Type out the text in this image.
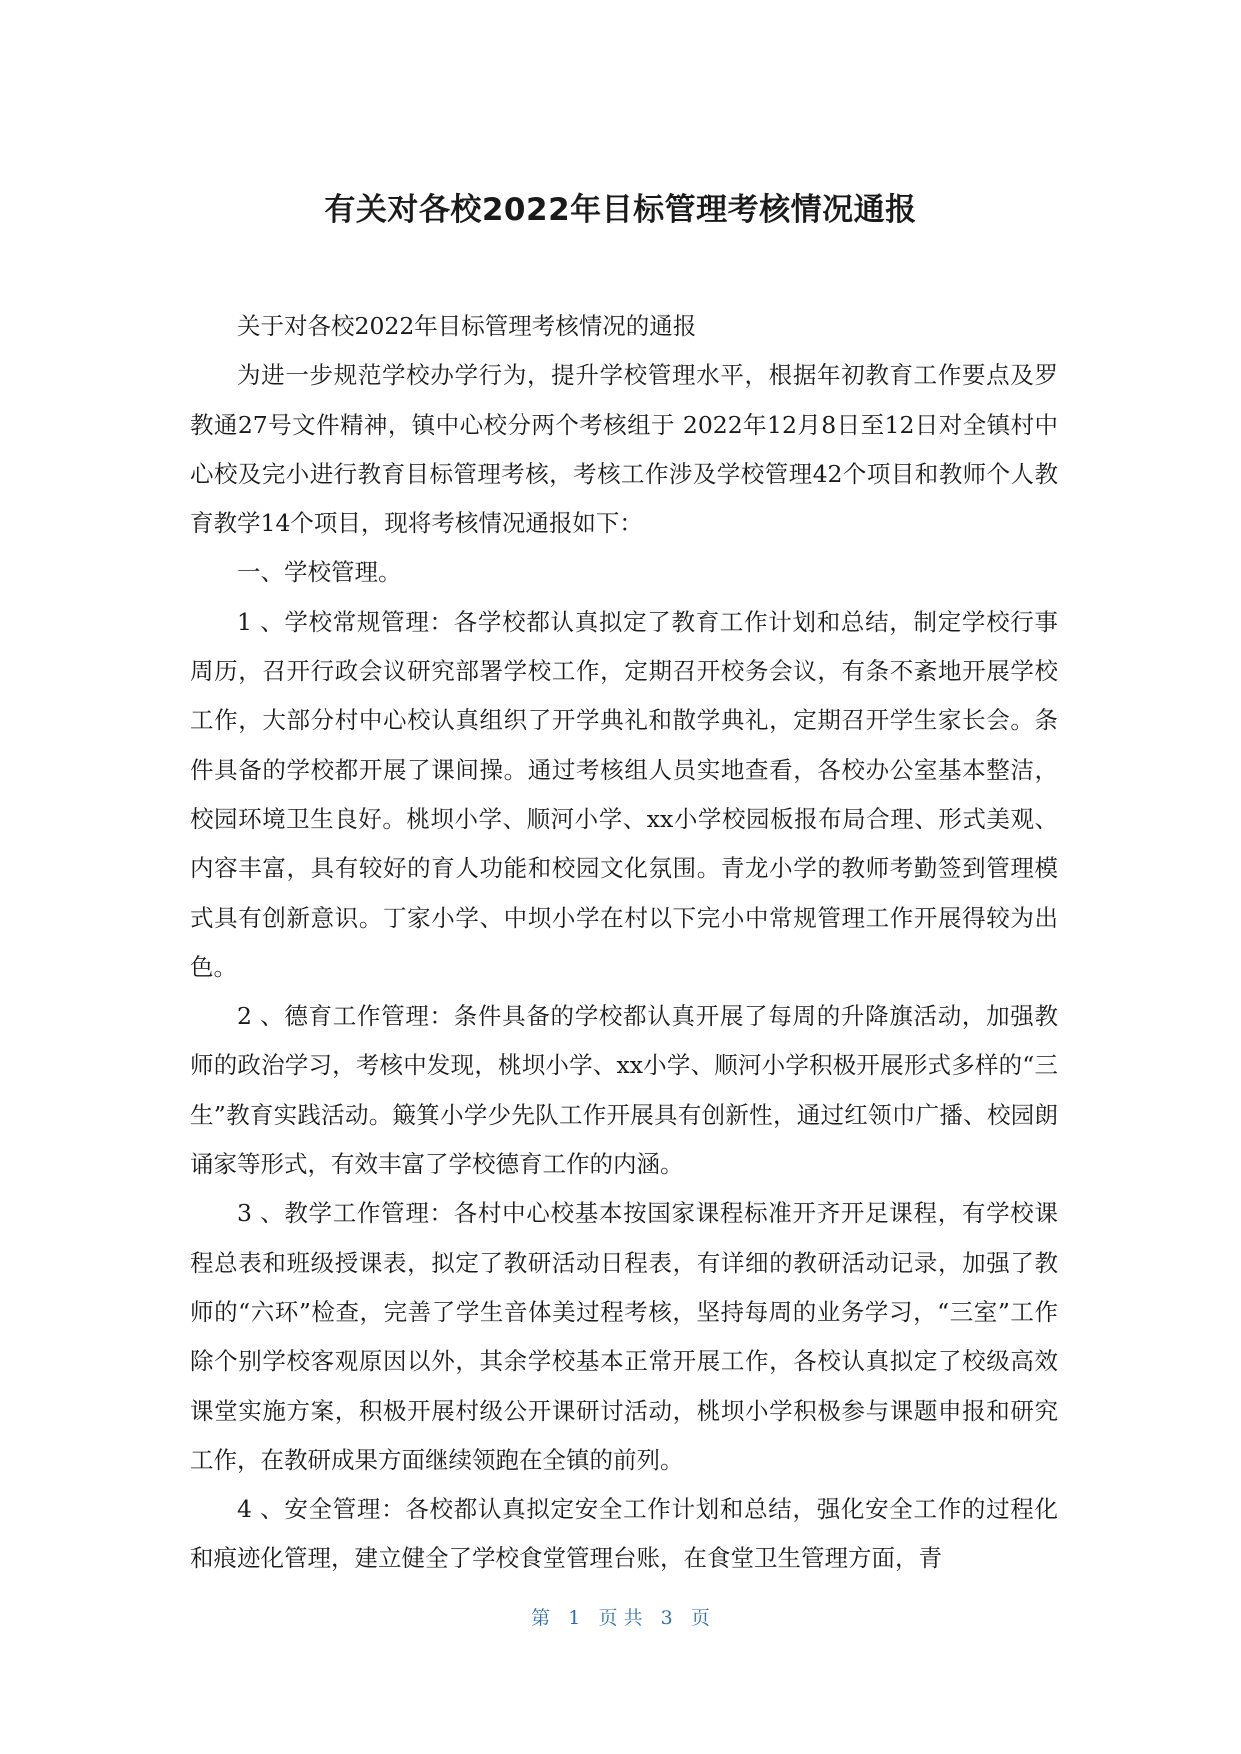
有关对各校2022年目标管理考核情况通报

关于对各校2022年目标管理考核情况的通报

为进一步规范学校办学行为，提升学校管理水平，根据年初教育工作要点及罗教通27号文件精神，镇中心校分两个考核组于 2022年12月8日至12日对全镇村中心校及完小进行教育目标管理考核，考核工作涉及学校管理42个项目和教师个人教育教学14个项目，现将考核情况通报如下：

一、学校管理。

1 、学校常规管理：各学校都认真拟定了教育工作计划和总结，制定学校行事周历，召开行政会议研究部署学校工作，定期召开校务会议，有条不紊地开展学校工作，大部分村中心校认真组织了开学典礼和散学典礼，定期召开学生家长会。条件具备的学校都开展了课间操。通过考核组人员实地查看，各校办公室基本整洁，校园环境卫生良好。桃坝小学、顺河小学、xx小学校园板报布局合理、形式美观、内容丰富，具有较好的育人功能和校园文化氛围。青龙小学的教师考勤签到管理模式具有创新意识。丁家小学、中坝小学在村以下完小中常规管理工作开展得较为出色。

2 、德育工作管理：条件具备的学校都认真开展了每周的升降旗活动，加强教师的政治学习，考核中发现，桃坝小学、xx小学、顺河小学积极开展形式多样的“三生”教育实践活动。簸箕小学少先队工作开展具有创新性，通过红领巾广播、校园朗诵家等形式，有效丰富了学校德育工作的内涵。

3 、教学工作管理：各村中心校基本按国家课程标准开齐开足课程，有学校课程总表和班级授课表，拟定了教研活动日程表，有详细的教研活动记录，加强了教师的“六环”检查，完善了学生音体美过程考核，坚持每周的业务学习，“三室”工作除个别学校客观原因以外，其余学校基本正常开展工作，各校认真拟定了校级高效课堂实施方案，积极开展村级公开课研讨活动，桃坝小学积极参与课题申报和研究工作，在教研成果方面继续领跑在全镇的前列。

4 、安全管理：各校都认真拟定安全工作计划和总结，强化安全工作的过程化和痕迹化管理，建立健全了学校食堂管理台账，在食堂卫生管理方面，青

第 1 页 共 3 页
